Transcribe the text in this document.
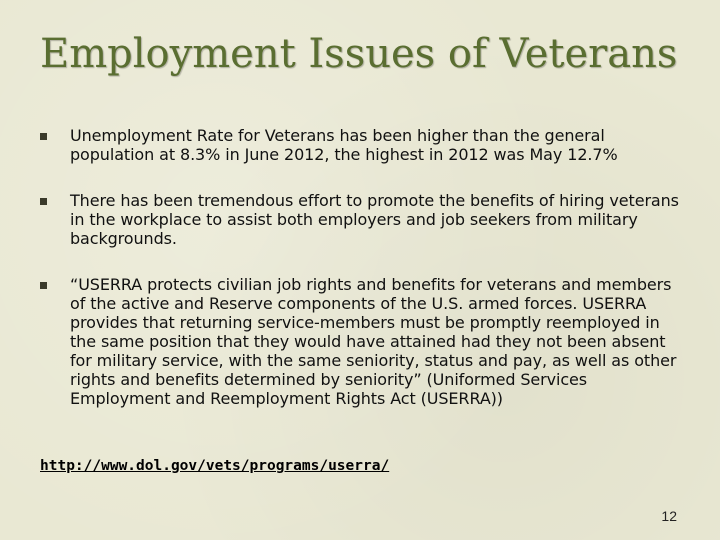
Employment Issues of Veterans
Unemployment Rate for Veterans has been higher than the general population at 8.3% in June 2012, the highest in 2012 was May 12.7%
There has been tremendous effort to promote the benefits of hiring veterans in the workplace to assist both employers and job seekers from military backgrounds.
“USERRA protects civilian job rights and benefits for veterans and members of the active and Reserve components of the U.S. armed forces. USERRA provides that returning service-members must be promptly reemployed in the same position that they would have attained had they not been absent for military service, with the same seniority, status and pay, as well as other rights and benefits determined by seniority” (Uniformed Services Employment and Reemployment Rights Act (USERRA))
http://www.dol.gov/vets/programs/userra/
12
